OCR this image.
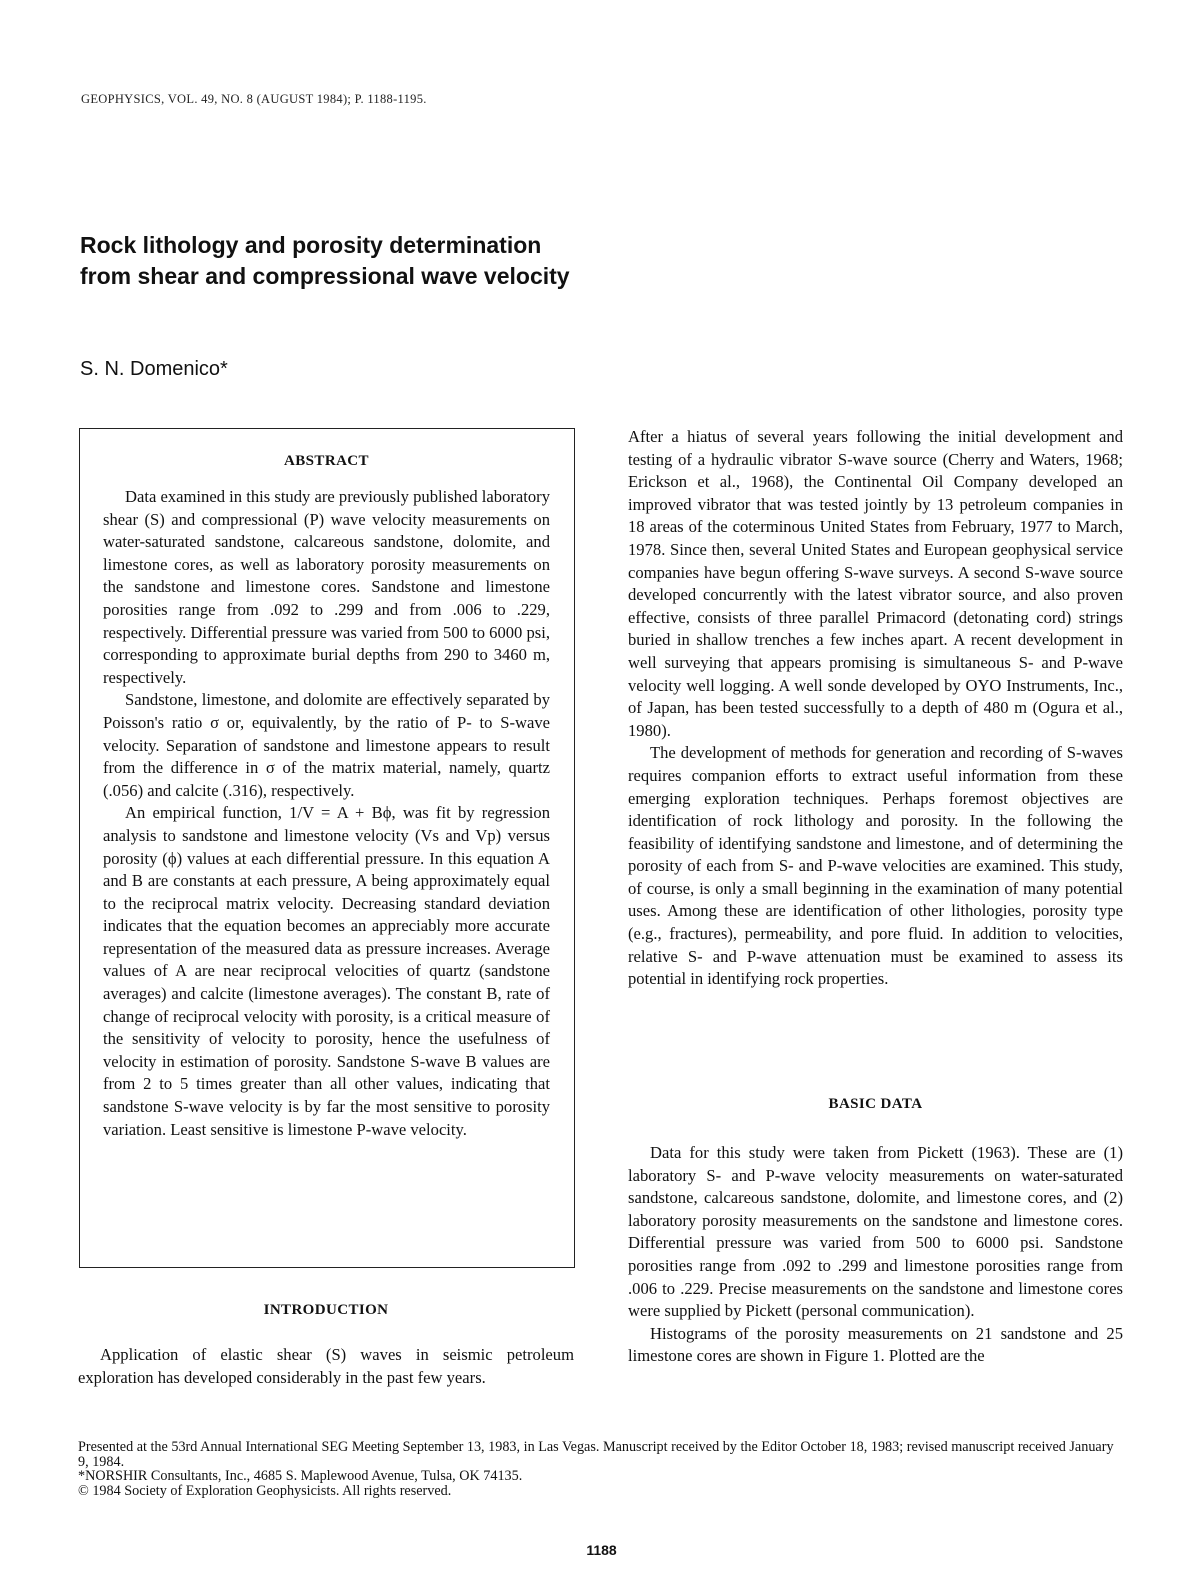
GEOPHYSICS, VOL. 49, NO. 8 (AUGUST 1984); P. 1188-1195.
Rock lithology and porosity determination
from shear and compressional wave velocity
S. N. Domenico*
ABSTRACT

Data examined in this study are previously published laboratory shear (S) and compressional (P) wave velocity measurements on water-saturated sandstone, calcareous sandstone, dolomite, and limestone cores, as well as laboratory porosity measurements on the sandstone and limestone cores. Sandstone and limestone porosities range from .092 to .299 and from .006 to .229, respectively. Differential pressure was varied from 500 to 6000 psi, corresponding to approximate burial depths from 290 to 3460 m, respectively.

Sandstone, limestone, and dolomite are effectively separated by Poisson's ratio σ or, equivalently, by the ratio of P- to S-wave velocity. Separation of sandstone and limestone appears to result from the difference in σ of the matrix material, namely, quartz (.056) and calcite (.316), respectively.

An empirical function, 1/V = A + Bϕ, was fit by regression analysis to sandstone and limestone velocity (Vs and Vp) versus porosity (ϕ) values at each differential pressure. In this equation A and B are constants at each pressure, A being approximately equal to the reciprocal matrix velocity. Decreasing standard deviation indicates that the equation becomes an appreciably more accurate representation of the measured data as pressure increases. Average values of A are near reciprocal velocities of quartz (sandstone averages) and calcite (limestone averages). The constant B, rate of change of reciprocal velocity with porosity, is a critical measure of the sensitivity of velocity to porosity, hence the usefulness of velocity in estimation of porosity. Sandstone S-wave B values are from 2 to 5 times greater than all other values, indicating that sandstone S-wave velocity is by far the most sensitive to porosity variation. Least sensitive is limestone P-wave velocity.

INTRODUCTION

Application of elastic shear (S) waves in seismic petroleum exploration has developed considerably in the past few years.

After a hiatus of several years following the initial development and testing of a hydraulic vibrator S-wave source (Cherry and Waters, 1968; Erickson et al., 1968), the Continental Oil Company developed an improved vibrator that was tested jointly by 13 petroleum companies in 18 areas of the coterminous United States from February, 1977 to March, 1978. Since then, several United States and European geophysical service companies have begun offering S-wave surveys. A second S-wave source developed concurrently with the latest vibrator source, and also proven effective, consists of three parallel Primacord (detonating cord) strings buried in shallow trenches a few inches apart. A recent development in well surveying that appears promising is simultaneous S- and P-wave velocity well logging. A well sonde developed by OYO Instruments, Inc., of Japan, has been tested successfully to a depth of 480 m (Ogura et al., 1980).

The development of methods for generation and recording of S-waves requires companion efforts to extract useful information from these emerging exploration techniques. Perhaps foremost objectives are identification of rock lithology and porosity. In the following the feasibility of identifying sandstone and limestone, and of determining the porosity of each from S- and P-wave velocities are examined. This study, of course, is only a small beginning in the examination of many potential uses. Among these are identification of other lithologies, porosity type (e.g., fractures), permeability, and pore fluid. In addition to velocities, relative S- and P-wave attenuation must be examined to assess its potential in identifying rock properties.

BASIC DATA

Data for this study were taken from Pickett (1963). These are (1) laboratory S- and P-wave velocity measurements on water-saturated sandstone, calcareous sandstone, dolomite, and limestone cores, and (2) laboratory porosity measurements on the sandstone and limestone cores. Differential pressure was varied from 500 to 6000 psi. Sandstone porosities range from .092 to .299 and limestone porosities range from .006 to .229. Precise measurements on the sandstone and limestone cores were supplied by Pickett (personal communication).

Histograms of the porosity measurements on 21 sandstone and 25 limestone cores are shown in Figure 1. Plotted are the

Presented at the 53rd Annual International SEG Meeting September 13, 1983, in Las Vegas. Manuscript received by the Editor October 18, 1983; revised manuscript received January 9, 1984.
*NORSHIR Consultants, Inc., 4685 S. Maplewood Avenue, Tulsa, OK 74135.
© 1984 Society of Exploration Geophysicists. All rights reserved.
1188
